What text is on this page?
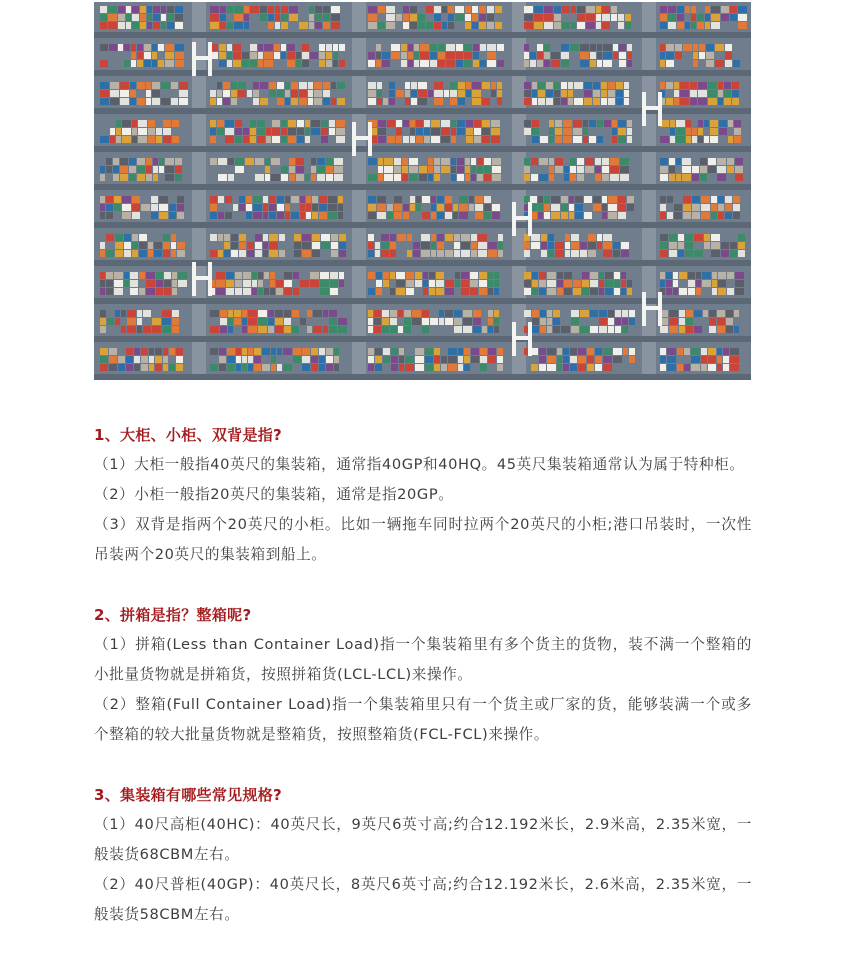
1、大柜、小柜、双背是指?

（1）大柜一般指40英尺的集装箱，通常指40GP和40HQ。45英尺集装箱通常认为属于特种柜。

（2）小柜一般指20英尺的集装箱，通常是指20GP。

（3）双背是指两个20英尺的小柜。比如一辆拖车同时拉两个20英尺的小柜;港口吊装时，一次性吊装两个20英尺的集装箱到船上。

2、拼箱是指？整箱呢?

（1）拼箱(Less than Container Load)指一个集装箱里有多个货主的货物，装不满一个整箱的小批量货物就是拼箱货，按照拼箱货(LCL-LCL)来操作。

（2）整箱(Full Container Load)指一个集装箱里只有一个货主或厂家的货，能够装满一个或多个整箱的较大批量货物就是整箱货，按照整箱货(FCL-FCL)来操作。

3、集装箱有哪些常见规格?

（1）40尺高柜(40HC)：40英尺长，9英尺6英寸高;约合12.192米长，2.9米高，2.35米宽，一般装货68CBM左右。

（2）40尺普柜(40GP)：40英尺长，8英尺6英寸高;约合12.192米长，2.6米高，2.35米宽，一般装货58CBM左右。
